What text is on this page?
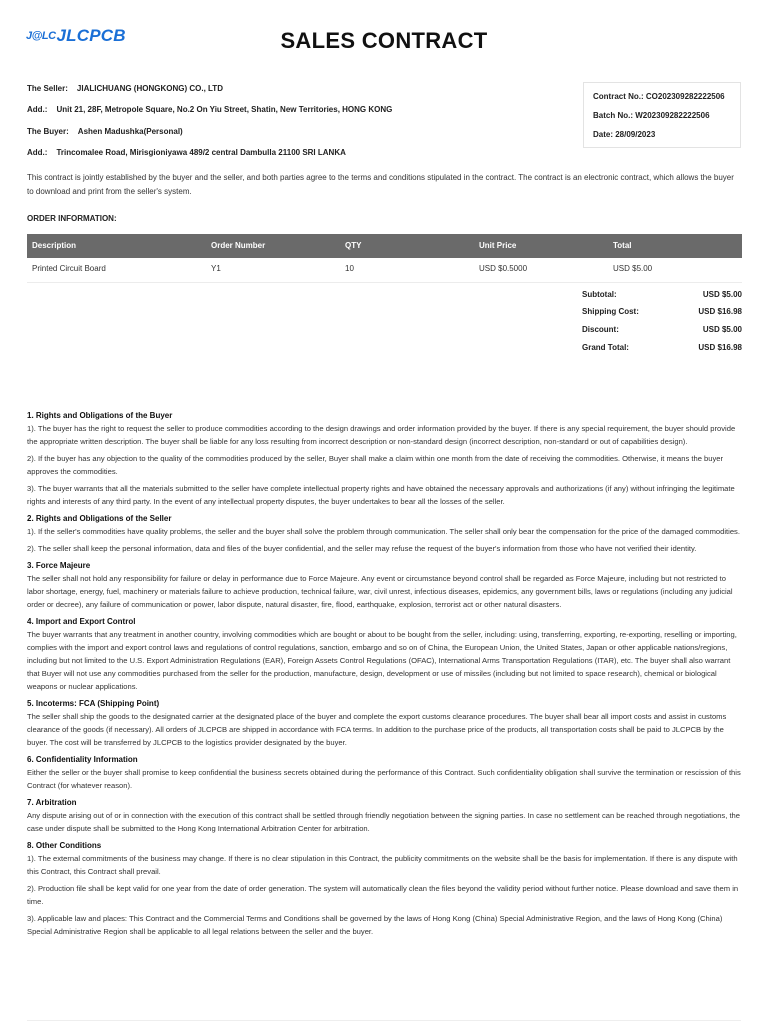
J@LC JLCPCB	SALES CONTRACT
The Seller: JIALICHUANG (HONGKONG) CO., LTD
Add.: Unit 21, 28F, Metropole Square, No.2 On Yiu Street, Shatin, New Territories, HONG KONG
The Buyer: Ashen Madushka(Personal)
Add.: Trincomalee Road, Mirisgioniyawa 489/2 central Dambulla 21100 SRI LANKA
Contract No.: CO202309282222506
Batch No.: W202309282222506
Date: 28/09/2023
This contract is jointly established by the buyer and the seller, and both parties agree to the terms and conditions stipulated in the contract. The contract is an electronic contract, which allows the buyer to download and print from the seller's system.
ORDER INFORMATION:
Description	Order Number	QTY	Unit Price	Total
Printed Circuit Board	Y1	10	USD $0.5000	USD $5.00
Subtotal:	USD $5.00
Shipping Cost:	USD $16.98
Discount:	USD $5.00
Grand Total:	USD $16.98
1. Rights and Obligations of the Buyer

1). The buyer has the right to request the seller to produce commodities according to the design drawings and order information provided by the buyer. If there is any special requirement, the buyer should provide the appropriate written description. The buyer shall be liable for any loss resulting from incorrect description or non-standard design (incorrect description, non-standard or out of capabilities design).

2). If the buyer has any objection to the quality of the commodities produced by the seller, Buyer shall make a claim within one month from the date of receiving the commodities. Otherwise, it means the buyer approves the commodities.

3). The buyer warrants that all the materials submitted to the seller have complete intellectual property rights and have obtained the necessary approvals and authorizations (if any) without infringing the legitimate rights and interests of any third party. In the event of any intellectual property disputes, the buyer undertakes to bear all the losses of the seller.

2. Rights and Obligations of the Seller

1). If the seller's commodities have quality problems, the seller and the buyer shall solve the problem through communication. The seller shall only bear the compensation for the price of the damaged commodities.

2). The seller shall keep the personal information, data and files of the buyer confidential, and the seller may refuse the request of the buyer's information from those who have not verified their identity.

3. Force Majeure

The seller shall not hold any responsibility for failure or delay in performance due to Force Majeure. Any event or circumstance beyond control shall be regarded as Force Majeure, including but not restricted to labor shortage, energy, fuel, machinery or materials failure to achieve production, technical failure, war, civil unrest, infectious diseases, epidemics, any government bills, laws or regulations (including any judicial order or decree), any failure of communication or power, labor dispute, natural disaster, fire, flood, earthquake, explosion, terrorist act or other natural disasters.

4. Import and Export Control

The buyer warrants that any treatment in another country, involving commodities which are bought or about to be bought from the seller, including: using, transferring, exporting, re-exporting, reselling or importing, complies with the import and export control laws and regulations of control regulations, sanction, embargo and so on of China, the European Union, the United States, Japan or other applicable nations/regions, including but not limited to the U.S. Export Administration Regulations (EAR), Foreign Assets Control Regulations (OFAC), International Arms Transportation Regulations (ITAR), etc. The buyer shall also warrant that Buyer will not use any commodities purchased from the seller for the production, manufacture, design, development or use of missiles (including but not limited to space research), chemical or biological weapons or nuclear applications.

5. Incoterms: FCA (Shipping Point)

The seller shall ship the goods to the designated carrier at the designated place of the buyer and complete the export customs clearance procedures. The buyer shall bear all import costs and assist in customs clearance of the goods (if necessary). All orders of JLCPCB are shipped in accordance with FCA terms. In addition to the purchase price of the products, all transportation costs shall be paid to JLCPCB by the buyer. The cost will be transferred by JLCPCB to the logistics provider designated by the buyer.

6. Confidentiality Information

Either the seller or the buyer shall promise to keep confidential the business secrets obtained during the performance of this Contract. Such confidentiality obligation shall survive the termination or rescission of this Contract (for whatever reason).

7. Arbitration

Any dispute arising out of or in connection with the execution of this contract shall be settled through friendly negotiation between the signing parties. In case no settlement can be reached through negotiations, the case under dispute shall be submitted to the Hong Kong International Arbitration Center for arbitration.

8. Other Conditions

1). The external commitments of the business may change. If there is no clear stipulation in this Contract, the publicity commitments on the website shall be the basis for implementation. If there is any dispute with this Contract, this Contract shall prevail.

2). Production file shall be kept valid for one year from the date of order generation. The system will automatically clean the files beyond the validity period without further notice. Please download and save them in time.

3). Applicable law and places: This Contract and the Commercial Terms and Conditions shall be governed by the laws of Hong Kong (China) Special Administrative Region, and the laws of Hong Kong (China) Special Administrative Region shall be applicable to all legal relations between the seller and the buyer.
